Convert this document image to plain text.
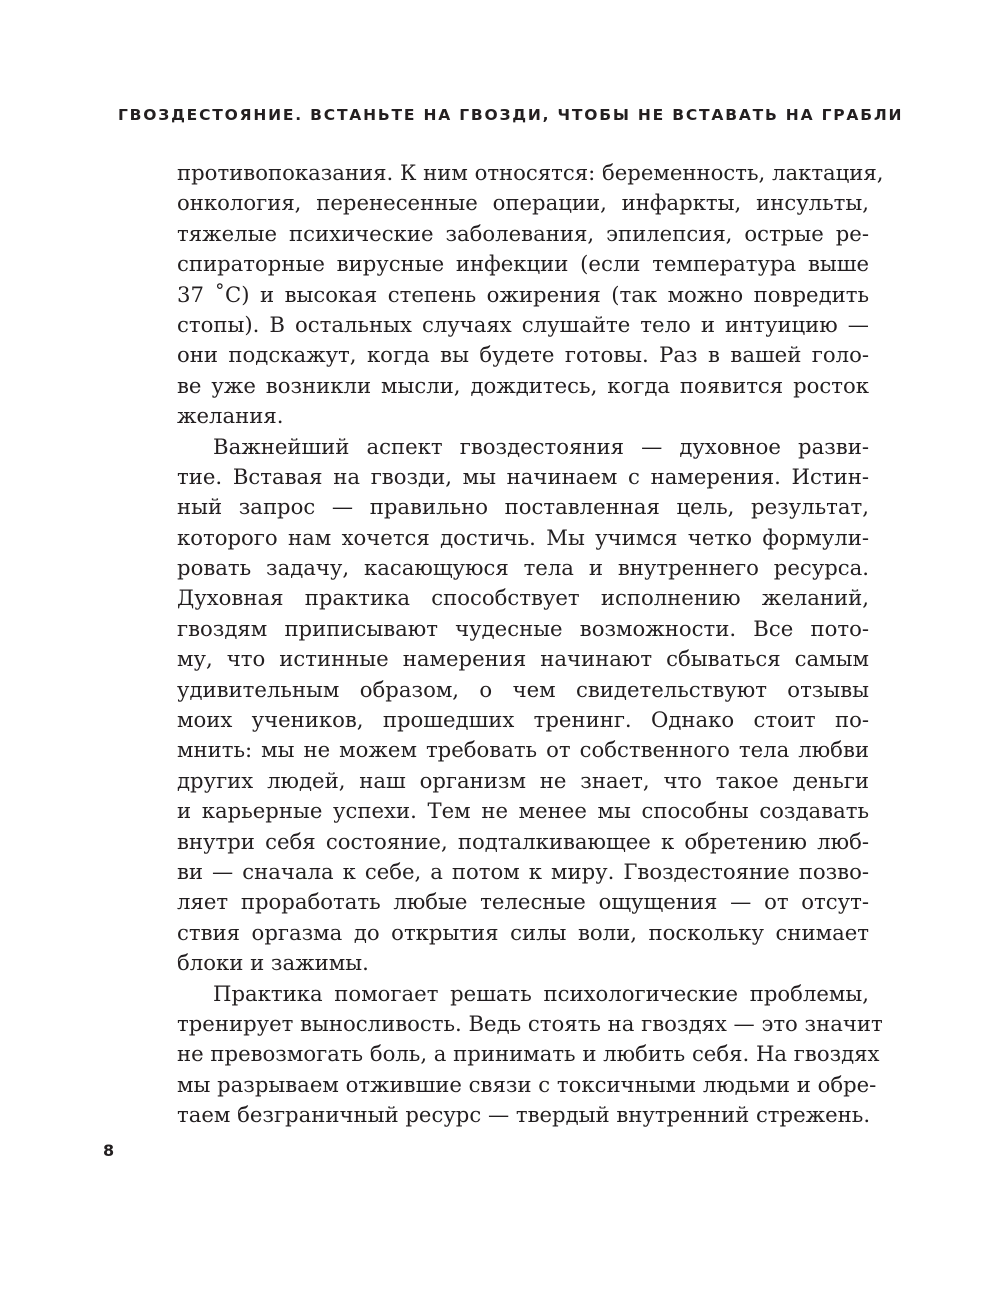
ГВОЗДЕСТОЯНИЕ. ВСТАНЬТЕ НА ГВОЗДИ, ЧТОБЫ НЕ ВСТАВАТЬ НА ГРАБЛИ
противопоказания. К ним относятся: беременность, лактация,
онкология, перенесенные операции, инфаркты, инсульты,
тяжелые психические заболевания, эпилепсия, острые ре-
спираторные вирусные инфекции (если температура выше
37 ˚С) и высокая степень ожирения (так можно повредить
стопы). В остальных случаях слушайте тело и интуицию —
они подскажут, когда вы будете готовы. Раз в вашей голо-
ве уже возникли мысли, дождитесь, когда появится росток
желания.
Важнейший аспект гвоздестояния — духовное разви-
тие. Вставая на гвозди, мы начинаем с намерения. Истин-
ный запрос — правильно поставленная цель, результат,
которого нам хочется достичь. Мы учимся четко формули-
ровать задачу, касающуюся тела и внутреннего ресурса.
Духовная практика способствует исполнению желаний,
гвоздям приписывают чудесные возможности. Все пото-
му, что истинные намерения начинают сбываться самым
удивительным образом, о чем свидетельствуют отзывы
моих учеников, прошедших тренинг. Однако стоит по-
мнить: мы не можем требовать от собственного тела любви
других людей, наш организм не знает, что такое деньги
и карьерные успехи. Тем не менее мы способны создавать
внутри себя состояние, подталкивающее к обретению люб-
ви — сначала к себе, а потом к миру. Гвоздестояние позво-
ляет проработать любые телесные ощущения — от отсут-
ствия оргазма до открытия силы воли, поскольку снимает
блоки и зажимы.
Практика помогает решать психологические проблемы,
тренирует выносливость. Ведь стоять на гвоздях — это значит
не превозмогать боль, а принимать и любить себя. На гвоздях
мы разрываем отжившие связи с токсичными людьми и обре-
таем безграничный ресурс — твердый внутренний стрежень.
8
